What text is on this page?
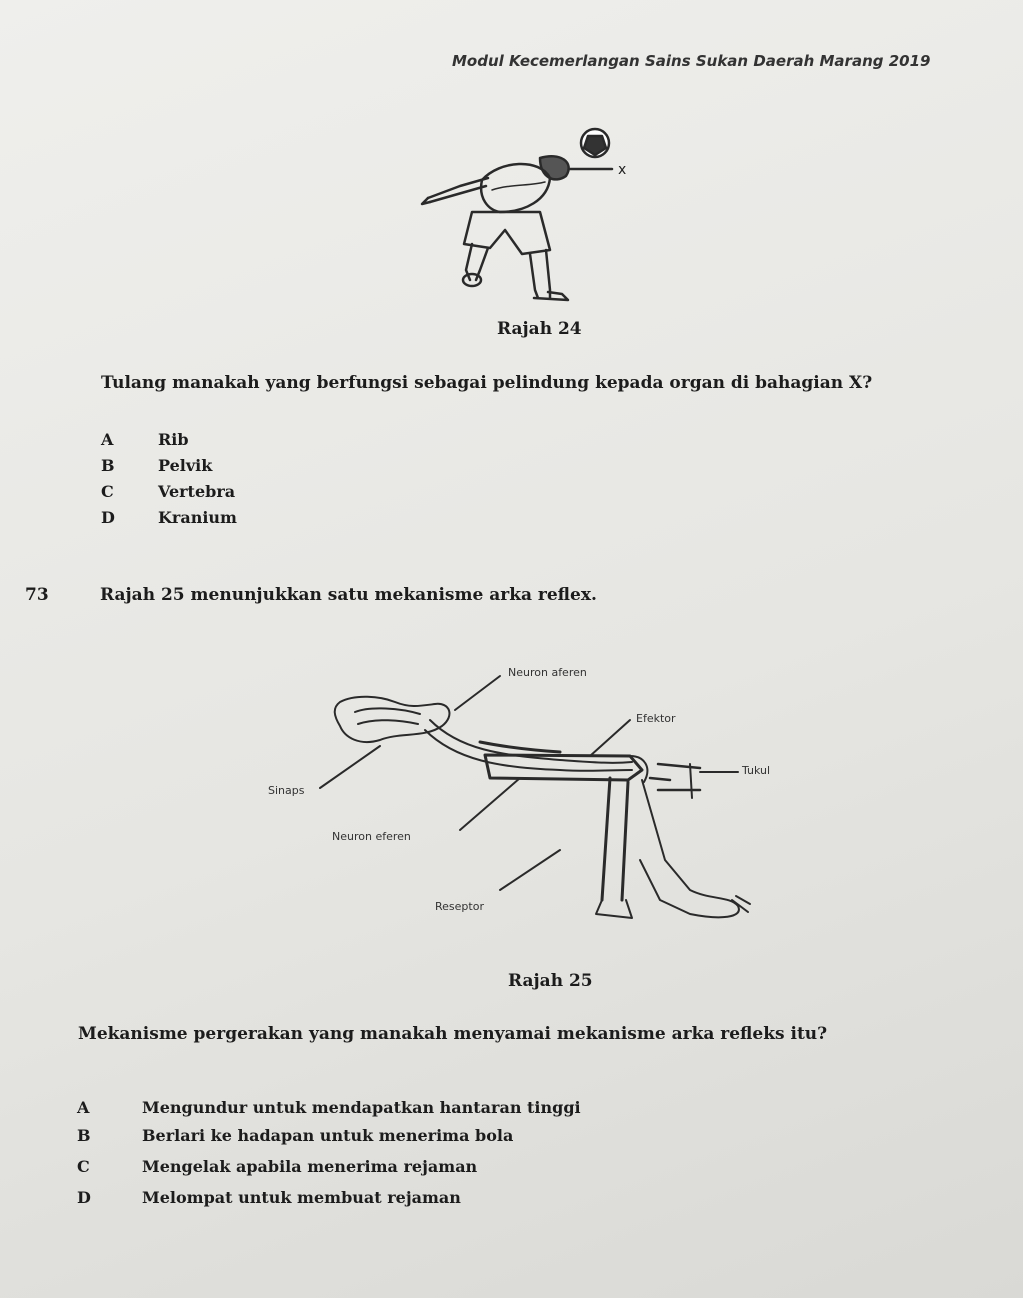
Modul Kecemerlangan Sains Sukan Daerah Marang 2019
x
Rajah 24
Tulang manakah yang berfungsi sebagai pelindung kepada organ di bahagian X?
A	Rib
B	Pelvik
C	Vertebra
D	Kranium
73	Rajah 25 menunjukkan satu mekanisme arka reflex.
Neuron aferen
Efektor
Tukul
Sinaps
Neuron eferen
Reseptor
Rajah 25
Mekanisme pergerakan yang manakah menyamai mekanisme arka refleks itu?
A	Mengundur untuk mendapatkan hantaran tinggi
B	Berlari ke hadapan untuk menerima bola
C	Mengelak apabila menerima rejaman
D	Melompat untuk membuat rejaman
